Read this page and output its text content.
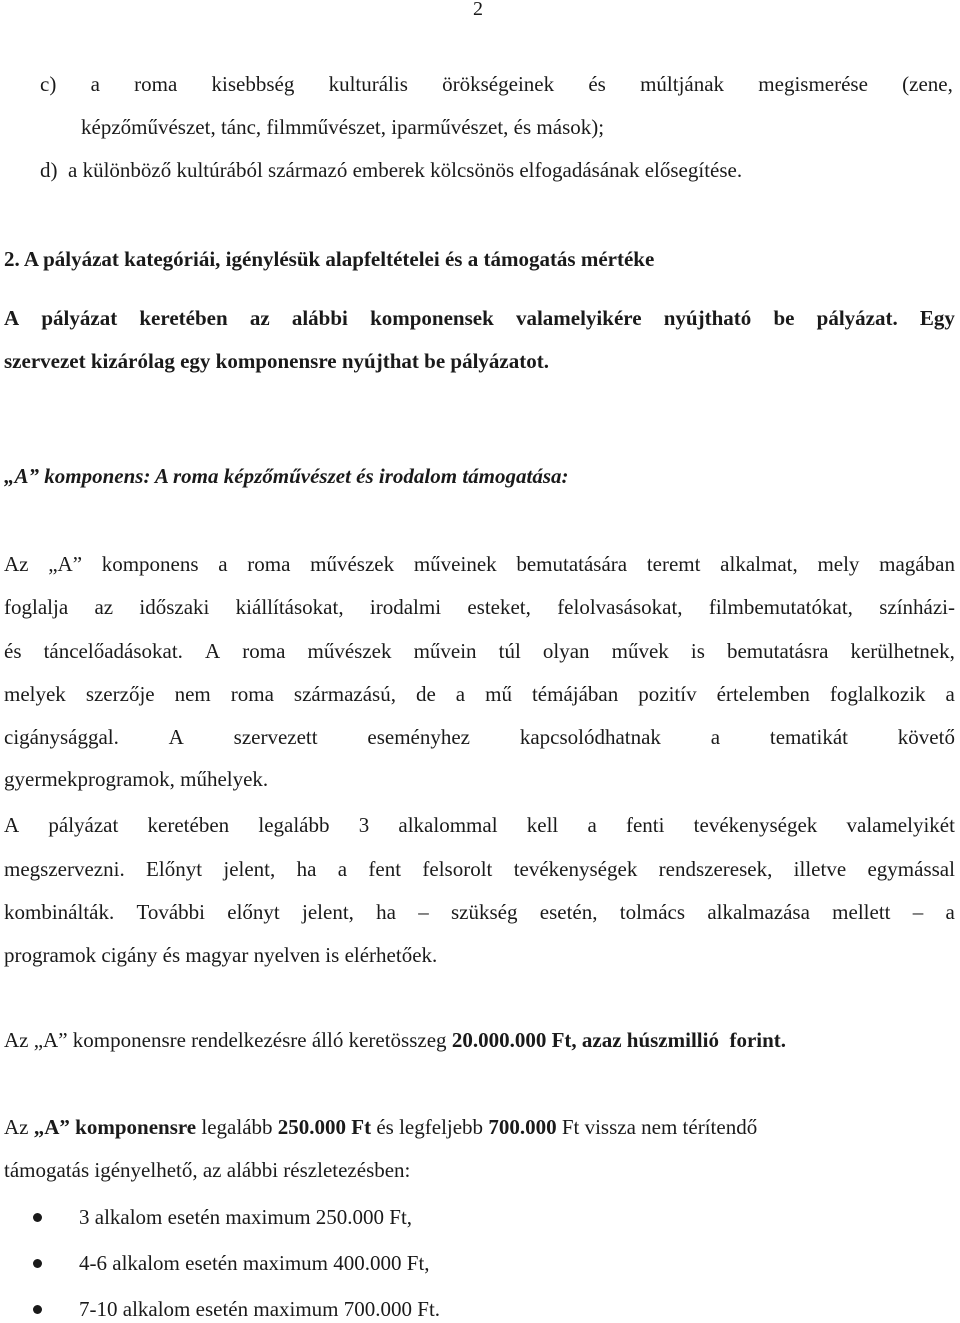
2
c) a roma kisebbség kulturális örökségeinek és múltjának megismerése (zene,
képzőművészet, tánc, filmművészet, iparművészet, és mások);
d)  a különböző kultúrából származó emberek kölcsönös elfogadásának elősegítése.
2. A pályázat kategóriái, igénylésük alapfeltételei és a támogatás mértéke
A pályázat keretében az alábbi komponensek valamelyikére nyújtható be pályázat. Egy
szervezet kizárólag egy komponensre nyújthat be pályázatot.
„A” komponens: A roma képzőművészet és irodalom támogatása:
Az „A” komponens a roma művészek műveinek bemutatására teremt alkalmat, mely magában
foglalja az időszaki kiállításokat, irodalmi esteket, felolvasásokat, filmbemutatókat, színházi-
és táncelőadásokat. A roma művészek művein túl olyan művek is bemutatásra kerülhetnek,
melyek szerzője nem roma származású, de a mű témájában pozitív értelemben foglalkozik a
cigánysággal. A szervezett eseményhez kapcsolódhatnak a tematikát követő
gyermekprogramok, műhelyek.
A pályázat keretében legalább 3 alkalommal kell a fenti tevékenységek valamelyikét
megszervezni. Előnyt jelent, ha a fent felsorolt tevékenységek rendszeresek, illetve egymással
kombinálták. További előnyt jelent, ha – szükség esetén, tolmács alkalmazása mellett – a
programok cigány és magyar nyelven is elérhetőek.
Az „A” komponensre rendelkezésre álló keretösszeg 20.000.000 Ft, azaz húszmillió  forint.
Az „A” komponensre legalább 250.000 Ft és legfeljebb 700.000 Ft vissza nem térítendő
támogatás igényelhető, az alábbi részletezésben:
3 alkalom esetén maximum 250.000 Ft,
4-6 alkalom esetén maximum 400.000 Ft,
7-10 alkalom esetén maximum 700.000 Ft.
